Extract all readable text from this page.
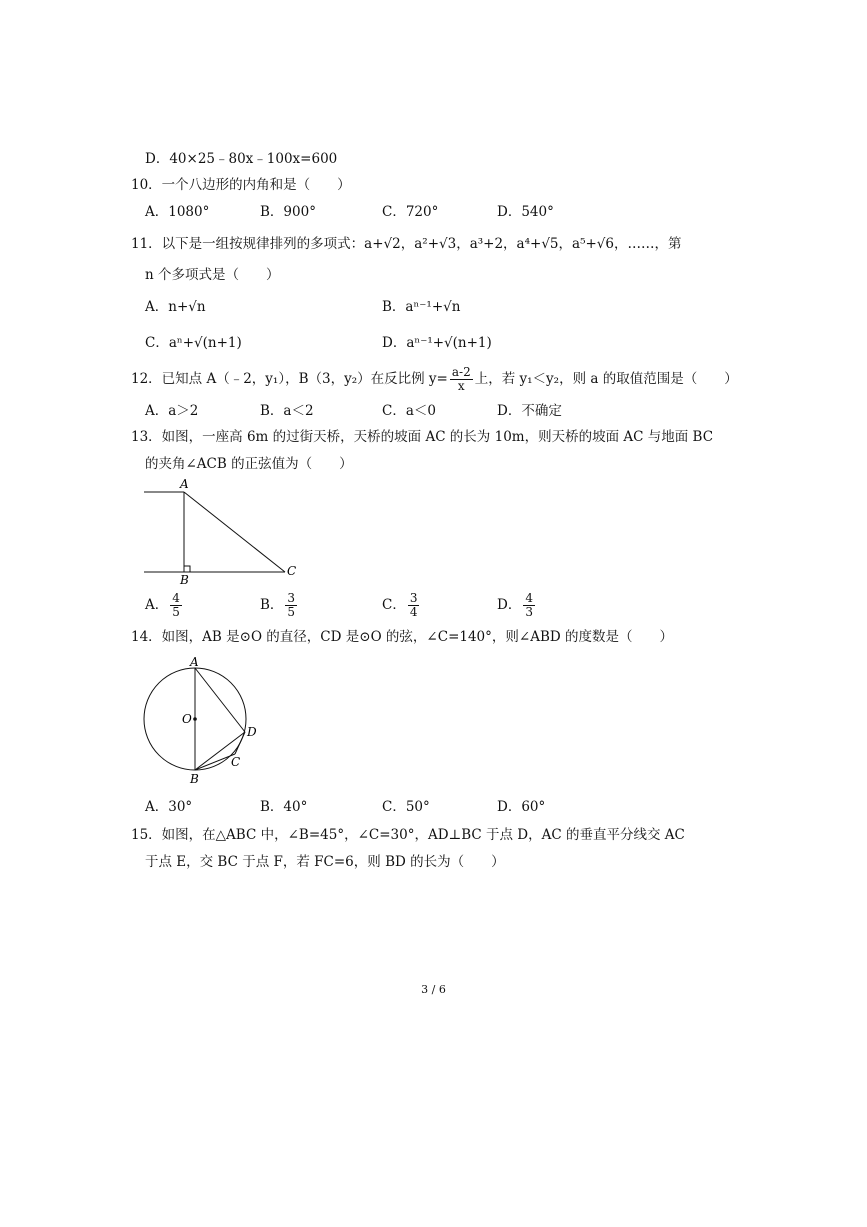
D．40×25﹣80x﹣100x=600
10．一个八边形的内角和是（　　）
A．1080°	B．900°	C．720°	D．540°
11．以下是一组按规律排列的多项式：a+√2，a²+√3，a³+2，a⁴+√5，a⁵+√6，……，第
n 个多项式是（　　）
A．n+√n	B．aⁿ⁻¹+√n
C．aⁿ+√(n+1)	D．aⁿ⁻¹+√(n+1)
12．已知点 A（﹣2，y₁），B（3，y₂）在反比例 $y= \frac{a-2}{x}$ 上，若 y₁＜y₂，则 a 的取值范围是（　　）
A．a＞2	B．a＜2	C．a＜0	D．不确定
13．如图，一座高 6m 的过街天桥，天桥的坡面 AC 的长为 10m，则天桥的坡面 AC 与地面 BC
的夹角∠ACB 的正弦值为（　　）
A
B
C
A． $\frac{4}{5}$	B． $\frac{3}{5}$	C． $\frac{3}{4}$	D． $\frac{4}{3}$
14．如图，AB 是⊙O 的直径，CD 是⊙O 的弦，∠C=140°，则∠ABD 的度数是（　　）
A
O
D
C
B
A．30°	B．40°	C．50°	D．60°
15．如图，在△ABC 中，∠B=45°，∠C=30°，AD⊥BC 于点 D，AC 的垂直平分线交 AC
于点 E，交 BC 于点 F，若 FC=6，则 BD 的长为（　　）
3 / 6
